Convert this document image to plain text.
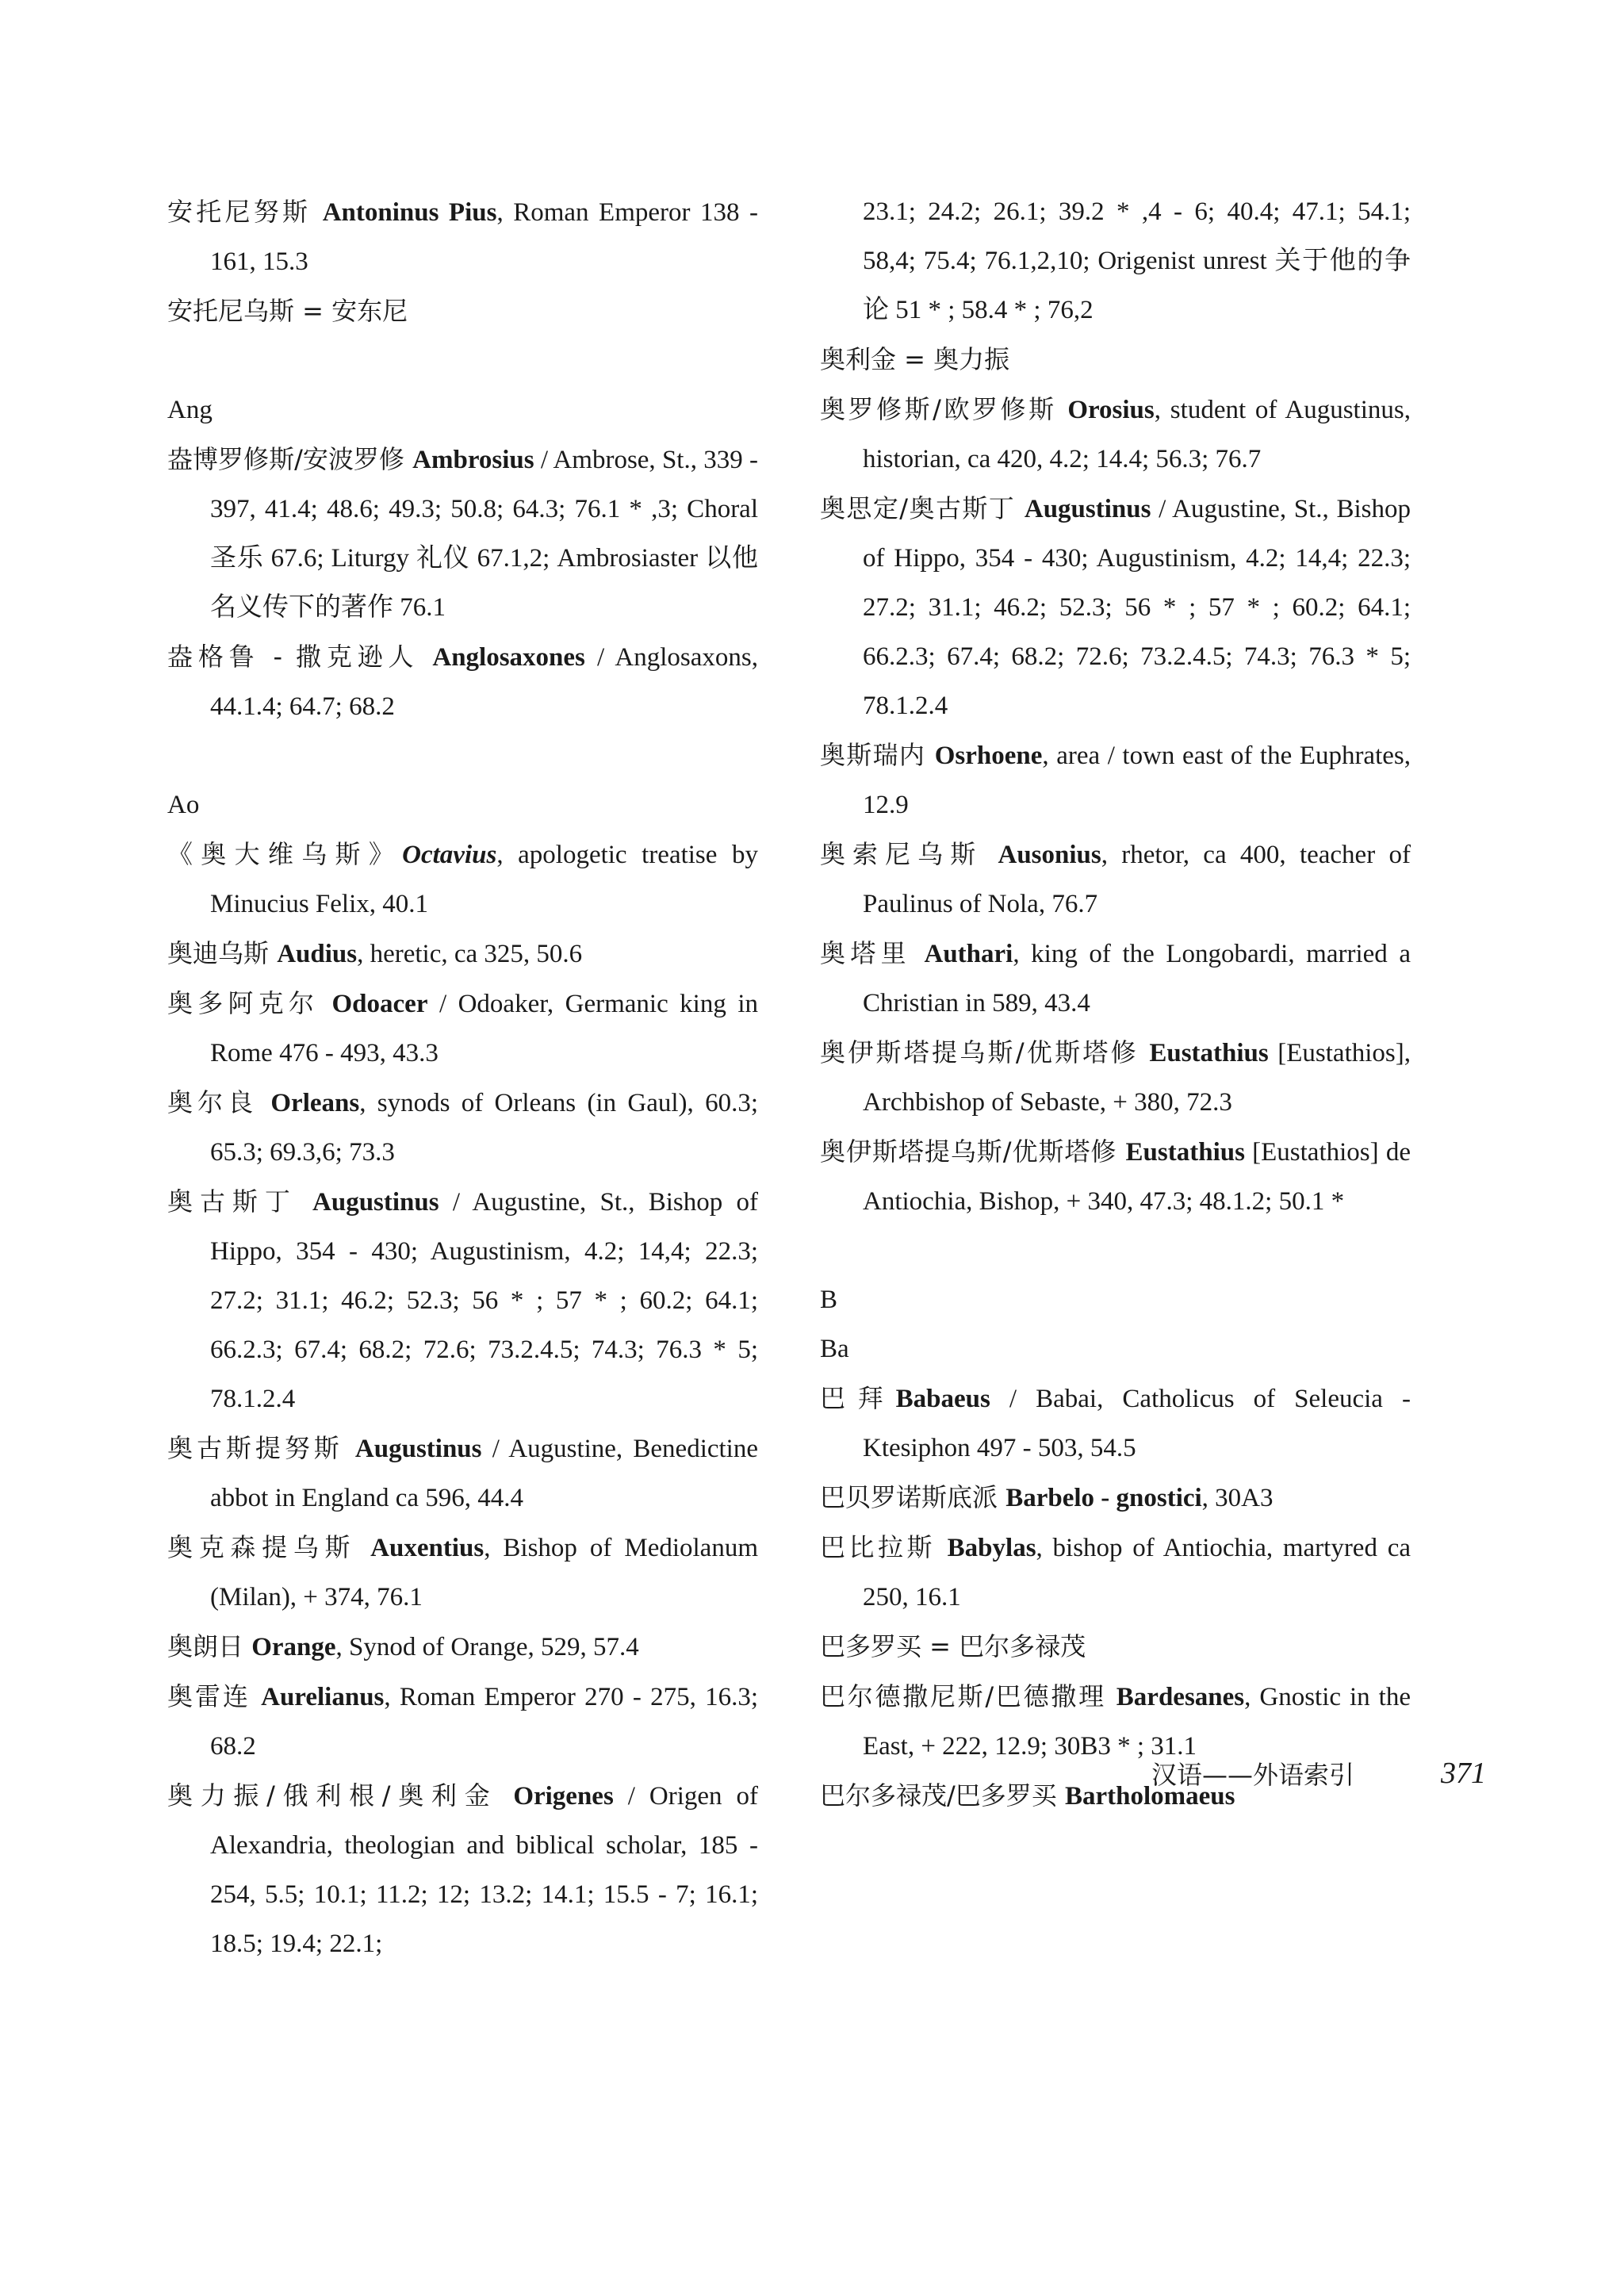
安托尼努斯 Antoninus Pius, Roman Emperor 138 - 161, 15.3
安托尼乌斯 = 安东尼
Ang
盎博罗修斯/安波罗修 Ambrosius / Ambrose, St., 339 - 397, 41.4; 48.6; 49.3; 50.8; 64.3; 76.1 * ,3; Choral 圣乐 67.6; Liturgy 礼仪 67.1,2; Ambrosiaster 以他名义传下的著作 76.1
盎格鲁 - 撒克逊人 Anglosaxones / Anglosaxons, 44.1.4; 64.7; 68.2
Ao
《奥大维乌斯》Octavius, apologetic treatise by Minucius Felix, 40.1
奥迪乌斯 Audius, heretic, ca 325, 50.6
奥多阿克尔 Odoacer / Odoaker, Germanic king in Rome 476 - 493, 43.3
奥尔良 Orleans, synods of Orleans (in Gaul), 60.3; 65.3; 69.3,6; 73.3
奥古斯丁 Augustinus / Augustine, St., Bishop of Hippo, 354 - 430; Augustinism, 4.2; 14,4; 22.3; 27.2; 31.1; 46.2; 52.3; 56 * ; 57 * ; 60.2; 64.1; 66.2.3; 67.4; 68.2; 72.6; 73.2.4.5; 74.3; 76.3 * 5; 78.1.2.4
奥古斯提努斯 Augustinus / Augustine, Benedictine abbot in England ca 596, 44.4
奥克森提乌斯 Auxentius, Bishop of Mediolanum (Milan), + 374, 76.1
奥朗日 Orange, Synod of Orange, 529, 57.4
奥雷连 Aurelianus, Roman Emperor 270 - 275, 16.3; 68.2
奥力振/俄利根/奥利金 Origenes / Origen of Alexandria, theologian and biblical scholar, 185 - 254, 5.5; 10.1; 11.2; 12; 13.2; 14.1; 15.5 - 7; 16.1; 18.5; 19.4; 22.1;
23.1; 24.2; 26.1; 39.2 * ,4 - 6; 40.4; 47.1; 54.1; 58,4; 75.4; 76.1,2,10; Origenist unrest 关于他的争论 51 * ; 58.4 * ; 76,2
奥利金 = 奥力振
奥罗修斯/欧罗修斯 Orosius, student of Augustinus, historian, ca 420, 4.2; 14.4; 56.3; 76.7
奥思定/奥古斯丁 Augustinus / Augustine, St., Bishop of Hippo, 354 - 430; Augustinism, 4.2; 14,4; 22.3; 27.2; 31.1; 46.2; 52.3; 56 * ; 57 * ; 60.2; 64.1; 66.2.3; 67.4; 68.2; 72.6; 73.2.4.5; 74.3; 76.3 * 5; 78.1.2.4
奥斯瑞内 Osrhoene, area / town east of the Euphrates, 12.9
奥索尼乌斯 Ausonius, rhetor, ca 400, teacher of Paulinus of Nola, 76.7
奥塔里 Authari, king of the Longobardi, married a Christian in 589, 43.4
奥伊斯塔提乌斯/优斯塔修 Eustathius [Eustathios], Archbishop of Sebaste, + 380, 72.3
奥伊斯塔提乌斯/优斯塔修 Eustathius [Eustathios] de Antiochia, Bishop, + 340, 47.3; 48.1.2; 50.1 *
B
Ba
巴拜Babaeus / Babai, Catholicus of Seleucia - Ktesiphon 497 - 503, 54.5
巴贝罗诺斯底派 Barbelo - gnostici, 30A3
巴比拉斯 Babylas, bishop of Antiochia, martyred ca 250, 16.1
巴多罗买 = 巴尔多禄茂
巴尔德撒尼斯/巴德撒理 Bardesanes, Gnostic in the East, + 222, 12.9; 30B3 * ; 31.1
巴尔多禄茂/巴多罗买 Bartholomaeus
汉语——外语索引	371
